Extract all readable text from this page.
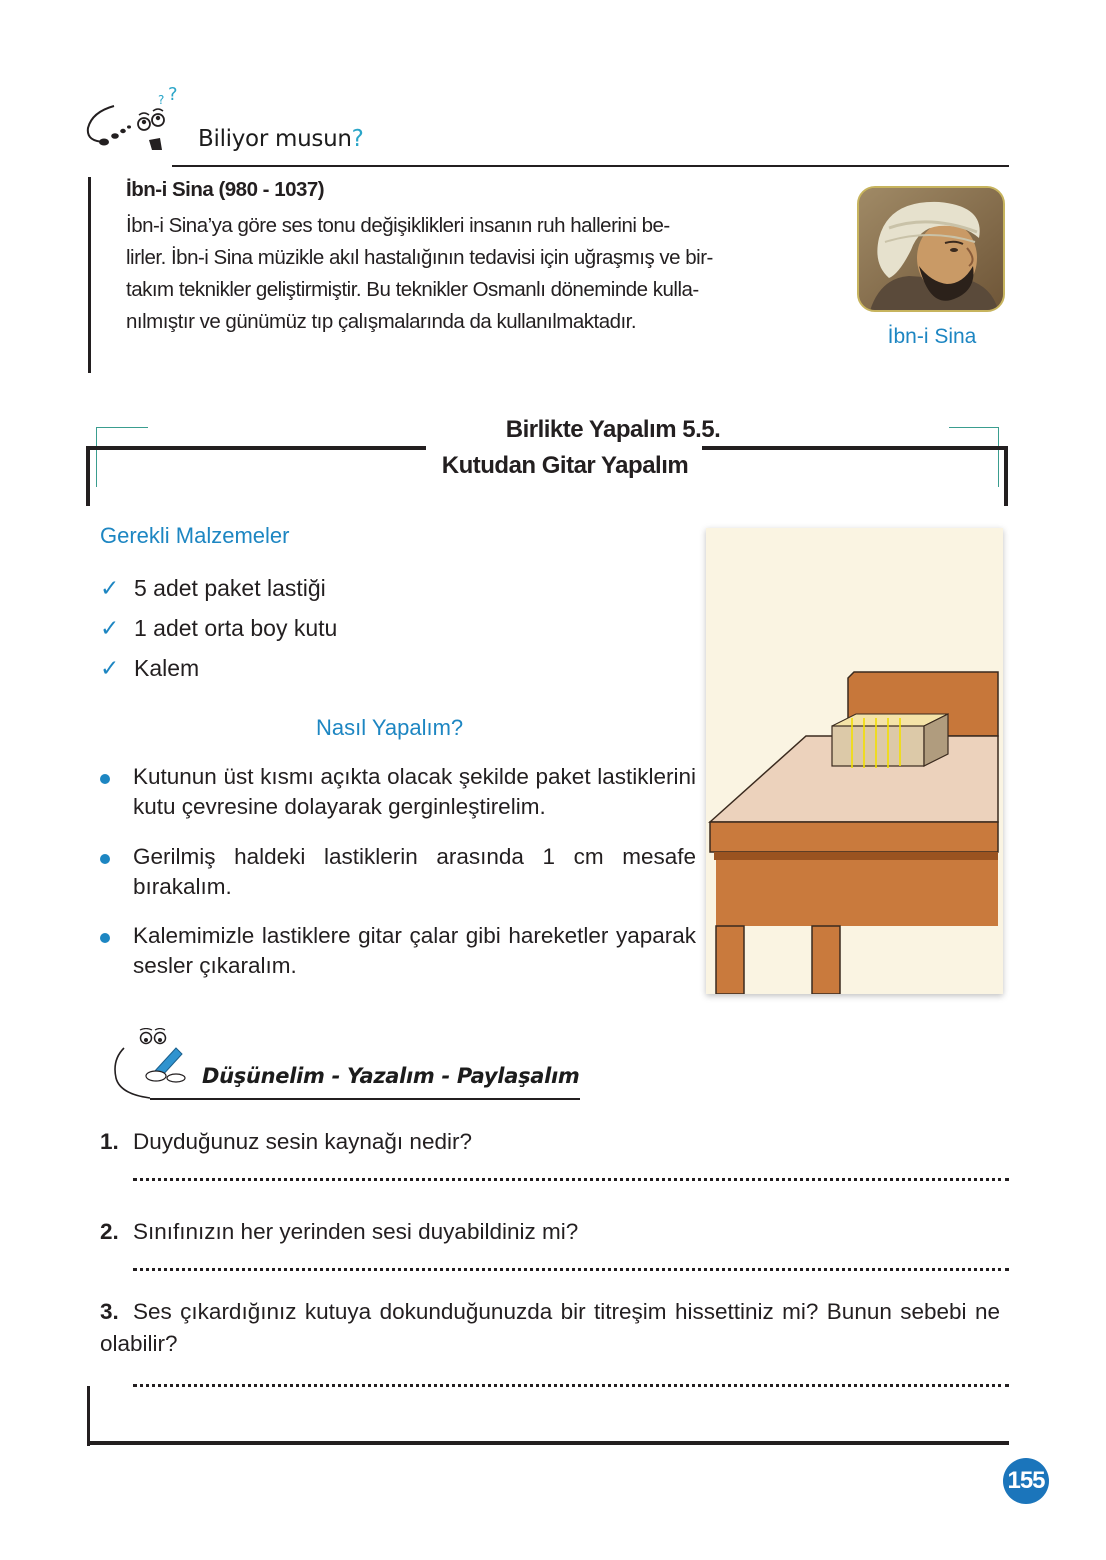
? ?
Biliyor musun?
İbn-i Sina (980 - 1037)
İbn-i Sina’ya göre ses tonu değişiklikleri insanın ruh hallerini be-
lirler. İbn-i Sina müzikle akıl hastalığının tedavisi için uğraşmış ve bir-
takım teknikler geliştirmiştir. Bu teknikler Osmanlı döneminde kulla-
nılmıştır ve günümüz tıp çalışmalarında da kullanılmaktadır.
İbn-i Sina
Birlikte Yapalım 5.5.
Kutudan Gitar Yapalım
Gerekli Malzemeler
✓ 5 adet paket lastiği
✓ 1 adet orta boy kutu
✓ Kalem
Nasıl Yapalım?
Kutunun üst kısmı açıkta olacak şekilde paket lastiklerini kutu çevresine dolayarak gerginleştirelim.
Gerilmiş haldeki lastiklerin arasında 1 cm mesafe bırakalım.
Kalemimizle lastiklere gitar çalar gibi hareketler yaparak sesler çıkaralım.
Düşünelim - Yazalım - Paylaşalım
1. Duyduğunuz sesin kaynağı nedir?
2. Sınıfınızın her yerinden sesi duyabildiniz mi?
3. Ses çıkardığınız kutuya dokunduğunuzda bir titreşim hissettiniz mi? Bunun sebebi ne olabilir?
155
